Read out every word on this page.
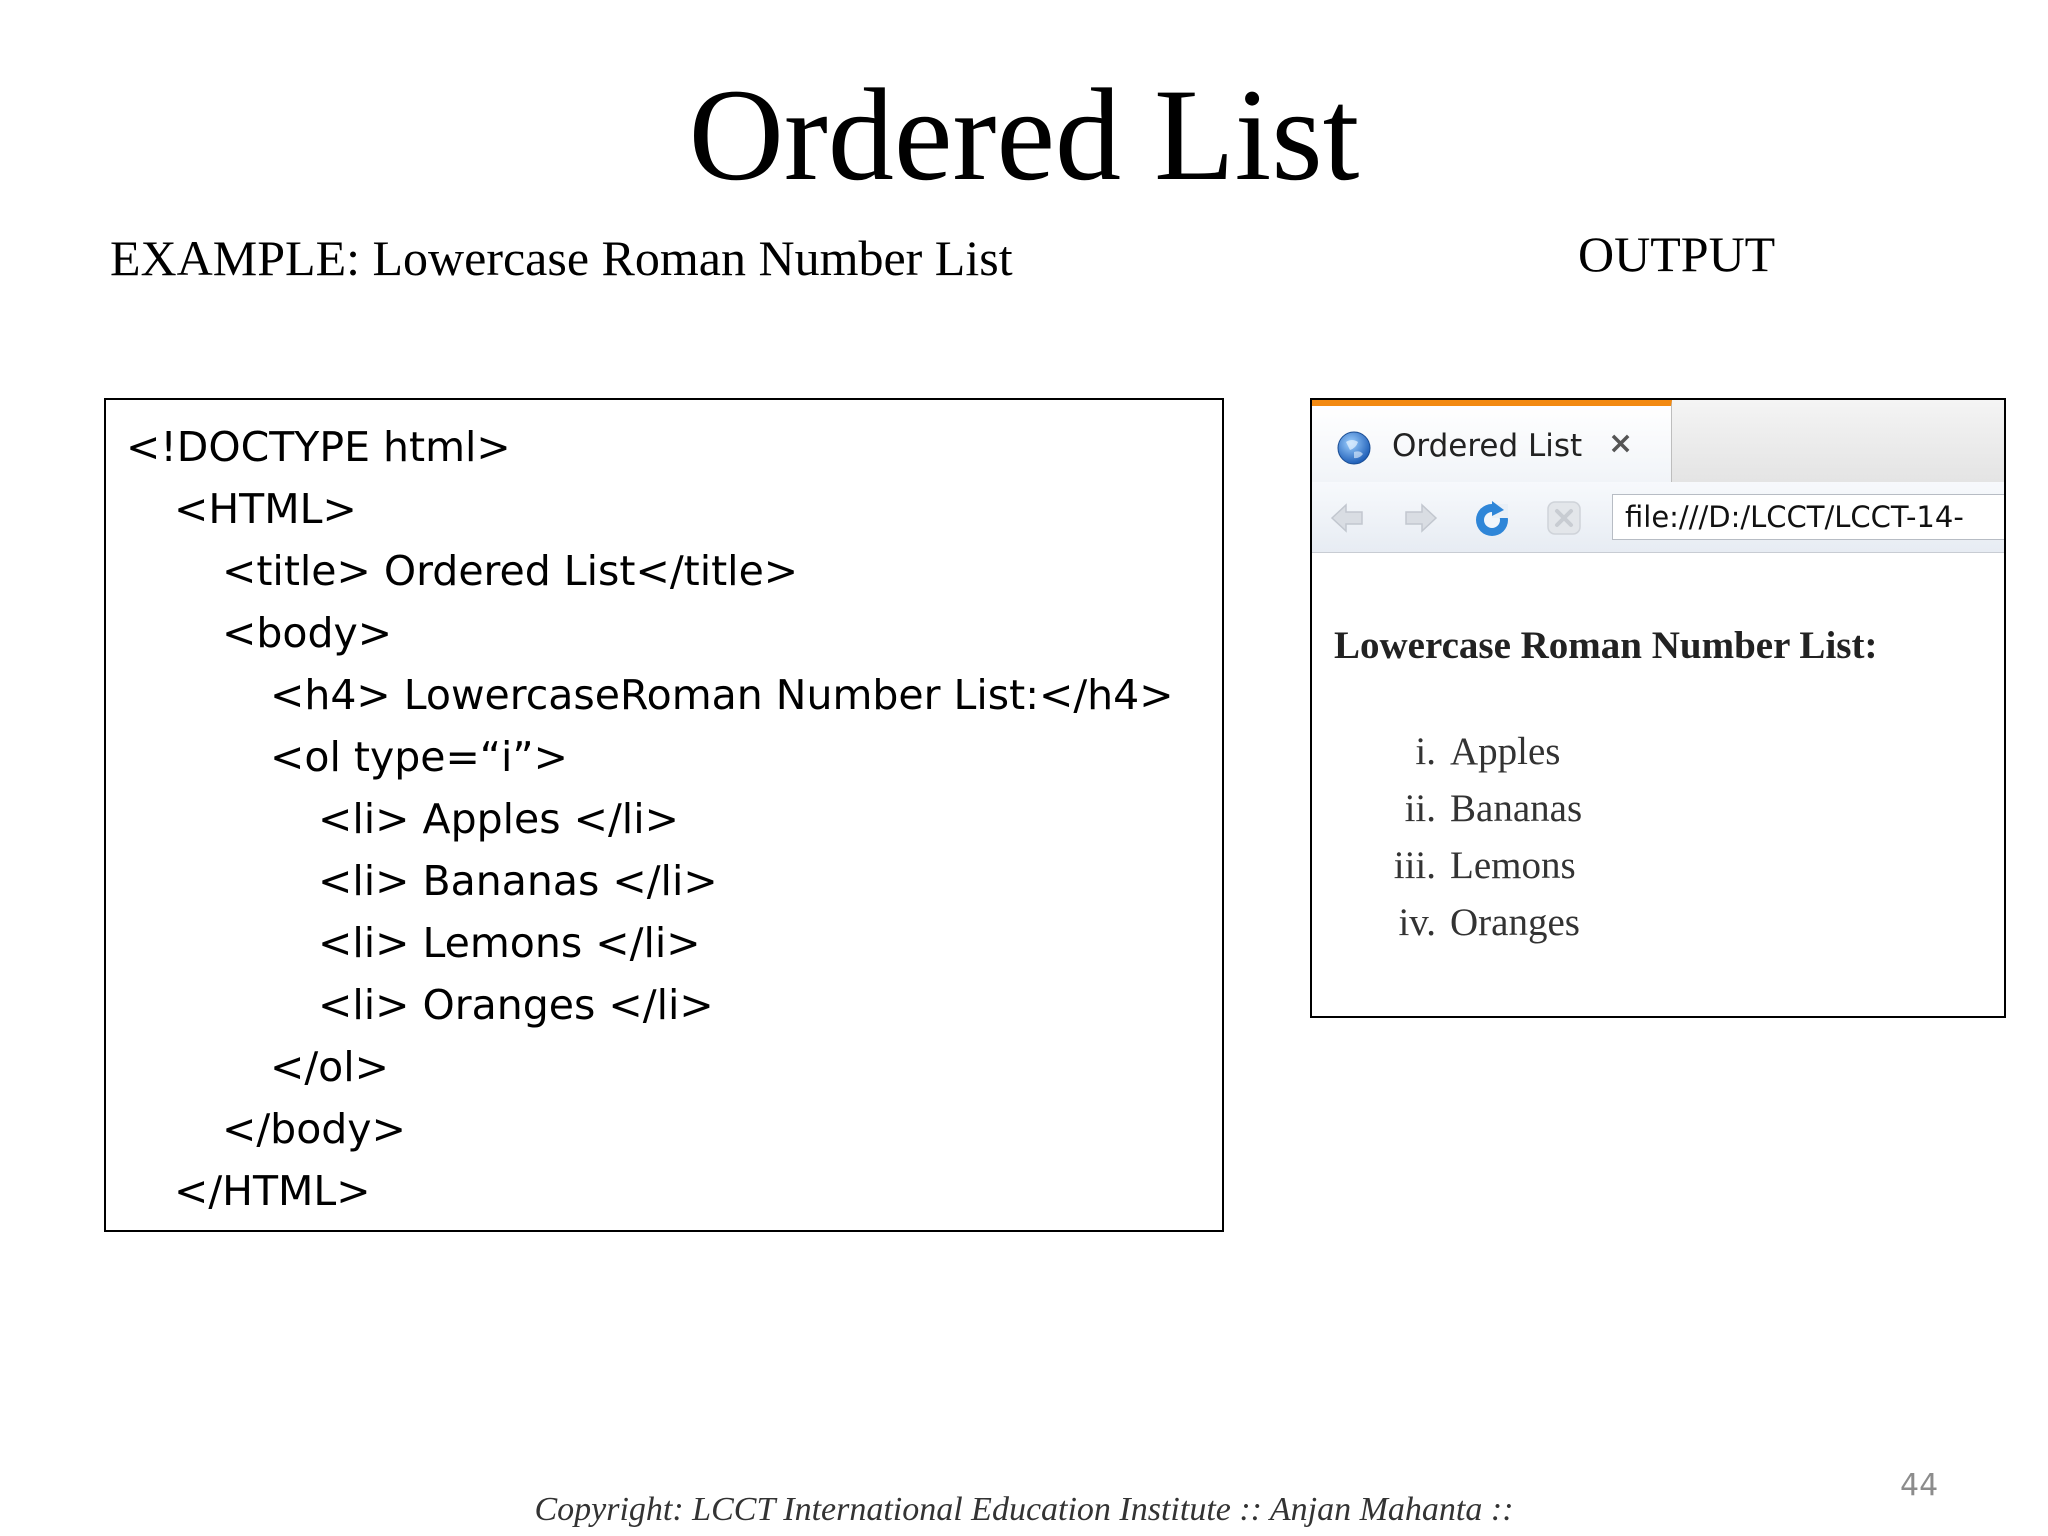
Ordered List
EXAMPLE: Lowercase Roman Number List	OUTPUT
<!DOCTYPE html>
<HTML>
<title> Ordered List</title>
<body>
<h4> LowercaseRoman Number List:</h4>
<ol type=“i”>
<li> Apples </li>
<li> Bananas </li>
<li> Lemons </li>
<li> Oranges </li>
</ol>
</body>
</HTML>
Ordered List ×
file:///D:/LCCT/LCCT-14-
Lowercase Roman Number List:
i. Apples
ii. Bananas
iii. Lemons
iv. Oranges
44
Copyright: LCCT International Education Institute :: Anjan Mahanta ::
